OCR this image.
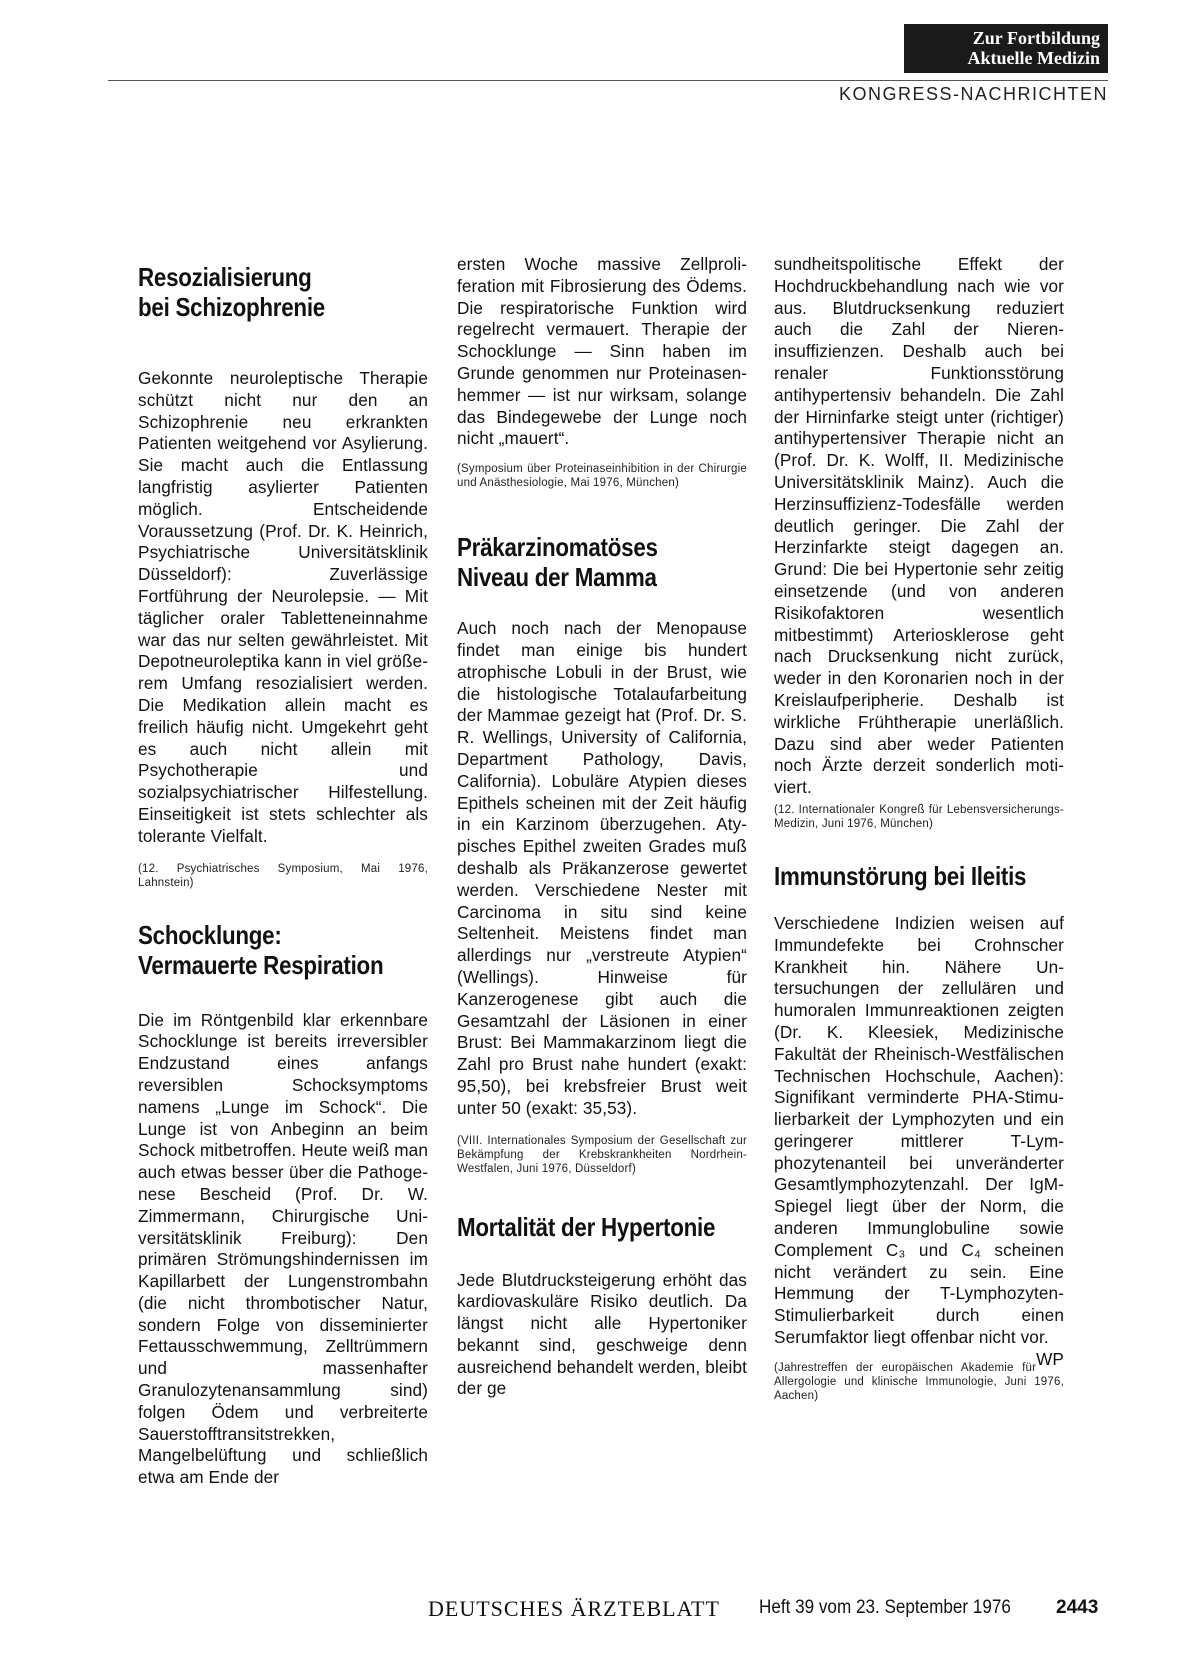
Zur Fortbildung
Aktuelle Medizin
KONGRESS-NACHRICHTEN
Resozialisierung
bei Schizophrenie

Gekonnte neuroleptische Therapie schützt nicht nur den an Schizophrenie neu erkrankten Patienten weitgehend vor Asylierung. Sie macht auch die Entlassung langfristig asylierter Patienten möglich. Entscheidende Voraussetzung (Prof. Dr. K. Heinrich, Psychiatrische Universitätsklinik Düsseldorf): Zuverlässige Fortführung der Neurolepsie. — Mit täglicher oraler Tabletteneinnahme war das nur selten gewährleistet. Mit Depotneuroleptika kann in viel größerem Umfang resozialisiert werden. Die Medikation allein macht es freilich häufig nicht. Umgekehrt geht es auch nicht allein mit Psychotherapie und sozialpsychiatrischer Hilfestellung. Einseitigkeit ist stets schlechter als tolerante Vielfalt.

(12. Psychiatrisches Symposium, Mai 1976, Lahnstein)

Schocklunge:
Vermauerte Respiration

Die im Röntgenbild klar erkennbare Schocklunge ist bereits irreversibler Endzustand eines anfangs reversiblen Schocksymptoms namens „Lunge im Schock“. Die Lunge ist von Anbeginn an beim Schock mitbetroffen. Heute weiß man auch etwas besser über die Pathogenese Bescheid (Prof. Dr. W. Zimmermann, Chirurgische Universitätsklinik Freiburg): Den primären Strömungshindernissen im Kapillarbett der Lungenstrombahn (die nicht thrombotischer Natur, sondern Folge von disseminierter Fettausschwemmung, Zelltrümmern und massenhafter Granulozytenansammlung sind) folgen Ödem und verbreiterte Sauerstofftransitstrekken, Mangelbelüftung und schließlich etwa am Ende der

ersten Woche massive Zellproliferation mit Fibrosierung des Ödems. Die respiratorische Funktion wird regelrecht vermauert. Therapie der Schocklunge — Sinn haben im Grunde genommen nur Proteinasenhemmer — ist nur wirksam, solange das Bindegewebe der Lunge noch nicht „mauert“.

(Symposium über Proteinaseinhibition in der Chirurgie und Anästhesiologie, Mai 1976, München)

Präkarzinomatöses
Niveau der Mamma

Auch noch nach der Menopause findet man einige bis hundert atrophische Lobuli in der Brust, wie die histologische Totalaufarbeitung der Mammae gezeigt hat (Prof. Dr. S. R. Wellings, University of California, Department Pathology, Davis, California). Lobuläre Atypien dieses Epithels scheinen mit der Zeit häufig in ein Karzinom überzugehen. Atypisches Epithel zweiten Grades muß deshalb als Präkanzerose gewertet werden. Verschiedene Nester mit Carcinoma in situ sind keine Seltenheit. Meistens findet man allerdings nur „verstreute Atypien“ (Wellings). Hinweise für Kanzerogenese gibt auch die Gesamtzahl der Läsionen in einer Brust: Bei Mammakarzinom liegt die Zahl pro Brust nahe hundert (exakt: 95,50), bei krebsfreier Brust weit unter 50 (exakt: 35,53).

(VIII. Internationales Symposium der Gesellschaft zur Bekämpfung der Krebskrankheiten Nordrhein-Westfalen, Juni 1976, Düsseldorf)

Mortalität der Hypertonie

Jede Blutdrucksteigerung erhöht das kardiovaskuläre Risiko deutlich. Da längst nicht alle Hypertoniker bekannt sind, geschweige denn ausreichend behandelt werden, bleibt der ge

sundheitspolitische Effekt der Hochdruckbehandlung nach wie vor aus. Blutdrucksenkung reduziert auch die Zahl der Niereninsuffizienzen. Deshalb auch bei renaler Funktionsstörung antihypertensiv behandeln. Die Zahl der Hirninfarke steigt unter (richtiger) antihypertensiver Therapie nicht an (Prof. Dr. K. Wolff, II. Medizinische Universitätsklinik Mainz). Auch die Herzinsuffizienz-Todesfälle werden deutlich geringer. Die Zahl der Herzinfarkte steigt dagegen an. Grund: Die bei Hypertonie sehr zeitig einsetzende (und von anderen Risikofaktoren wesentlich mitbestimmt) Arteriosklerose geht nach Drucksenkung nicht zurück, weder in den Koronarien noch in der Kreislaufperipherie. Deshalb ist wirkliche Frühtherapie unerläßlich. Dazu sind aber weder Patienten noch Ärzte derzeit sonderlich motiviert.

(12. Internationaler Kongreß für Lebensversicherungs-Medizin, Juni 1976, München)

Immunstörung bei Ileitis

Verschiedene Indizien weisen auf Immundefekte bei Crohnscher Krankheit hin. Nähere Untersuchungen der zellulären und humoralen Immunreaktionen zeigten (Dr. K. Kleesiek, Medizinische Fakultät der Rheinisch-Westfälischen Technischen Hochschule, Aachen): Signifikant verminderte PHA-Stimulierbarkeit der Lymphozyten und ein geringerer mittlerer T-Lymphozytenanteil bei unveränderter Gesamtlymphozytenzahl. Der IgM-Spiegel liegt über der Norm, die anderen Immunglobuline sowie Complement C₃ und C₄ scheinen nicht verändert zu sein. Eine Hemmung der T-Lymphozyten-Stimulierbarkeit durch einen Serumfaktor liegt offenbar nicht vor.
WP

(Jahrestreffen der europäischen Akademie für Allergologie und klinische Immunologie, Juni 1976, Aachen)

DEUTSCHES ÄRZTEBLATT Heft 39 vom 23. September 1976 2443
